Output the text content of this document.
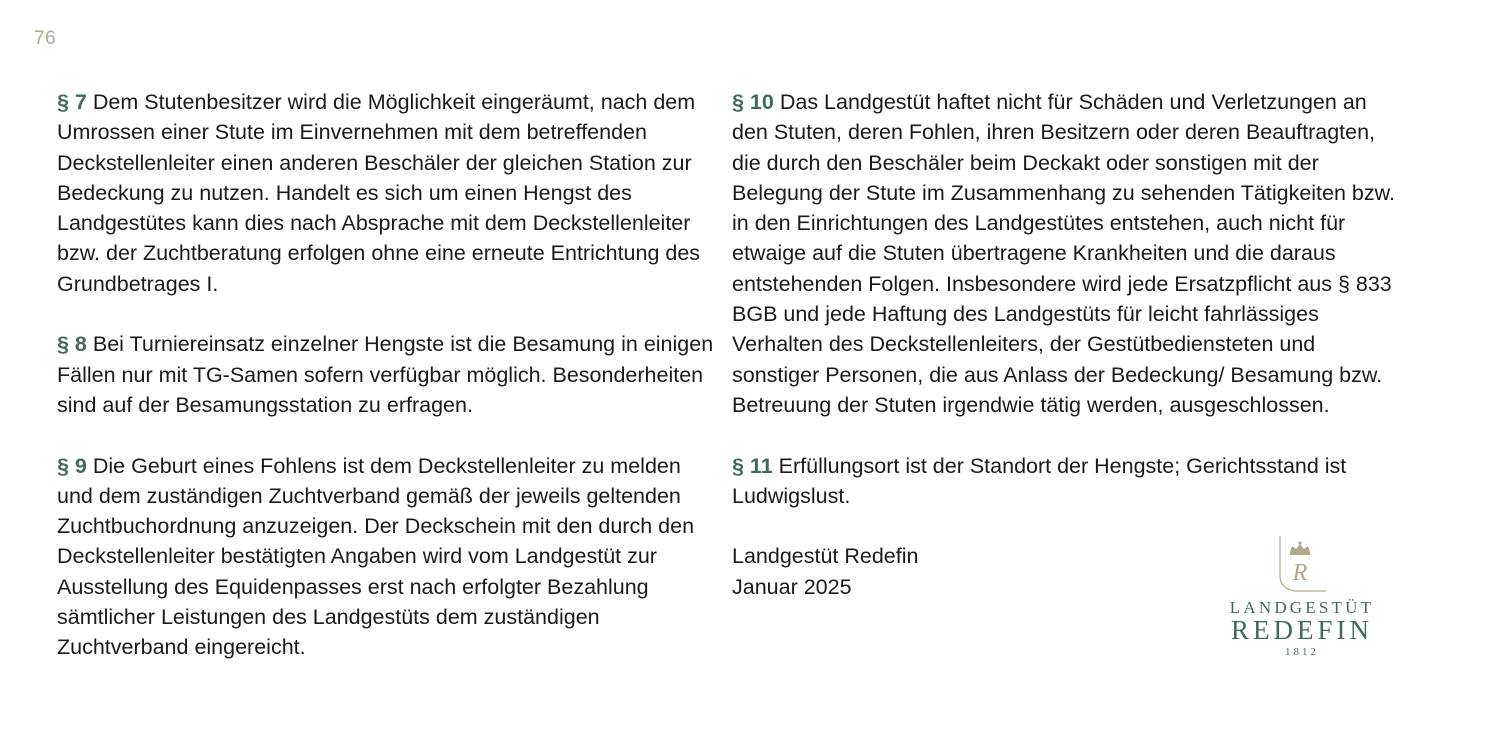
76

§ 7 Dem Stutenbesitzer wird die Möglichkeit eingeräumt, nach dem Umrossen einer Stute im Einvernehmen mit dem betreffenden Deckstellenleiter einen anderen Beschäler der gleichen Station zur Bedeckung zu nutzen. Handelt es sich um einen Hengst des Landgestütes kann dies nach Absprache mit dem Deckstellenleiter bzw. der Zuchtberatung erfolgen ohne eine erneute Entrichtung des Grundbetrages I.

§ 8 Bei Turniereinsatz einzelner Hengste ist die Besamung in einigen Fällen nur mit TG-Samen sofern verfügbar möglich. Besonderheiten sind auf der Besamungsstation zu erfragen.

§ 9 Die Geburt eines Fohlens ist dem Deckstellenleiter zu melden und dem zuständigen Zuchtverband gemäß der jeweils geltenden Zuchtbuchordnung anzuzeigen. Der Deckschein mit den durch den Deckstellenleiter bestätigten Angaben wird vom Landgestüt zur Ausstellung des Equidenpasses erst nach erfolgter Bezahlung sämtlicher Leistungen des Landgestüts dem zuständigen Zuchtverband eingereicht.

§ 10 Das Landgestüt haftet nicht für Schäden und Verletzungen an den Stuten, deren Fohlen, ihren Besitzern oder deren Beauftragten, die durch den Beschäler beim Deckakt oder sonstigen mit der Belegung der Stute im Zusammenhang zu sehenden Tätigkeiten bzw. in den Einrichtungen des Landgestütes entstehen, auch nicht für etwaige auf die Stuten übertragene Krankheiten und die daraus entstehenden Folgen. Insbesondere wird jede Ersatzpflicht aus § 833 BGB und jede Haftung des Landgestüts für leicht fahrlässiges Verhalten des Deckstellenleiters, der Gestütbediensteten und sonstiger Personen, die aus Anlass der Bedeckung/ Besamung bzw. Betreuung der Stuten irgendwie tätig werden, ausgeschlossen.

§ 11 Erfüllungsort ist der Standort der Hengste; Gerichtsstand ist Ludwigslust.

Landgestüt Redefin

Januar 2025

R
LANDGESTÜT
REDEFIN
1812
